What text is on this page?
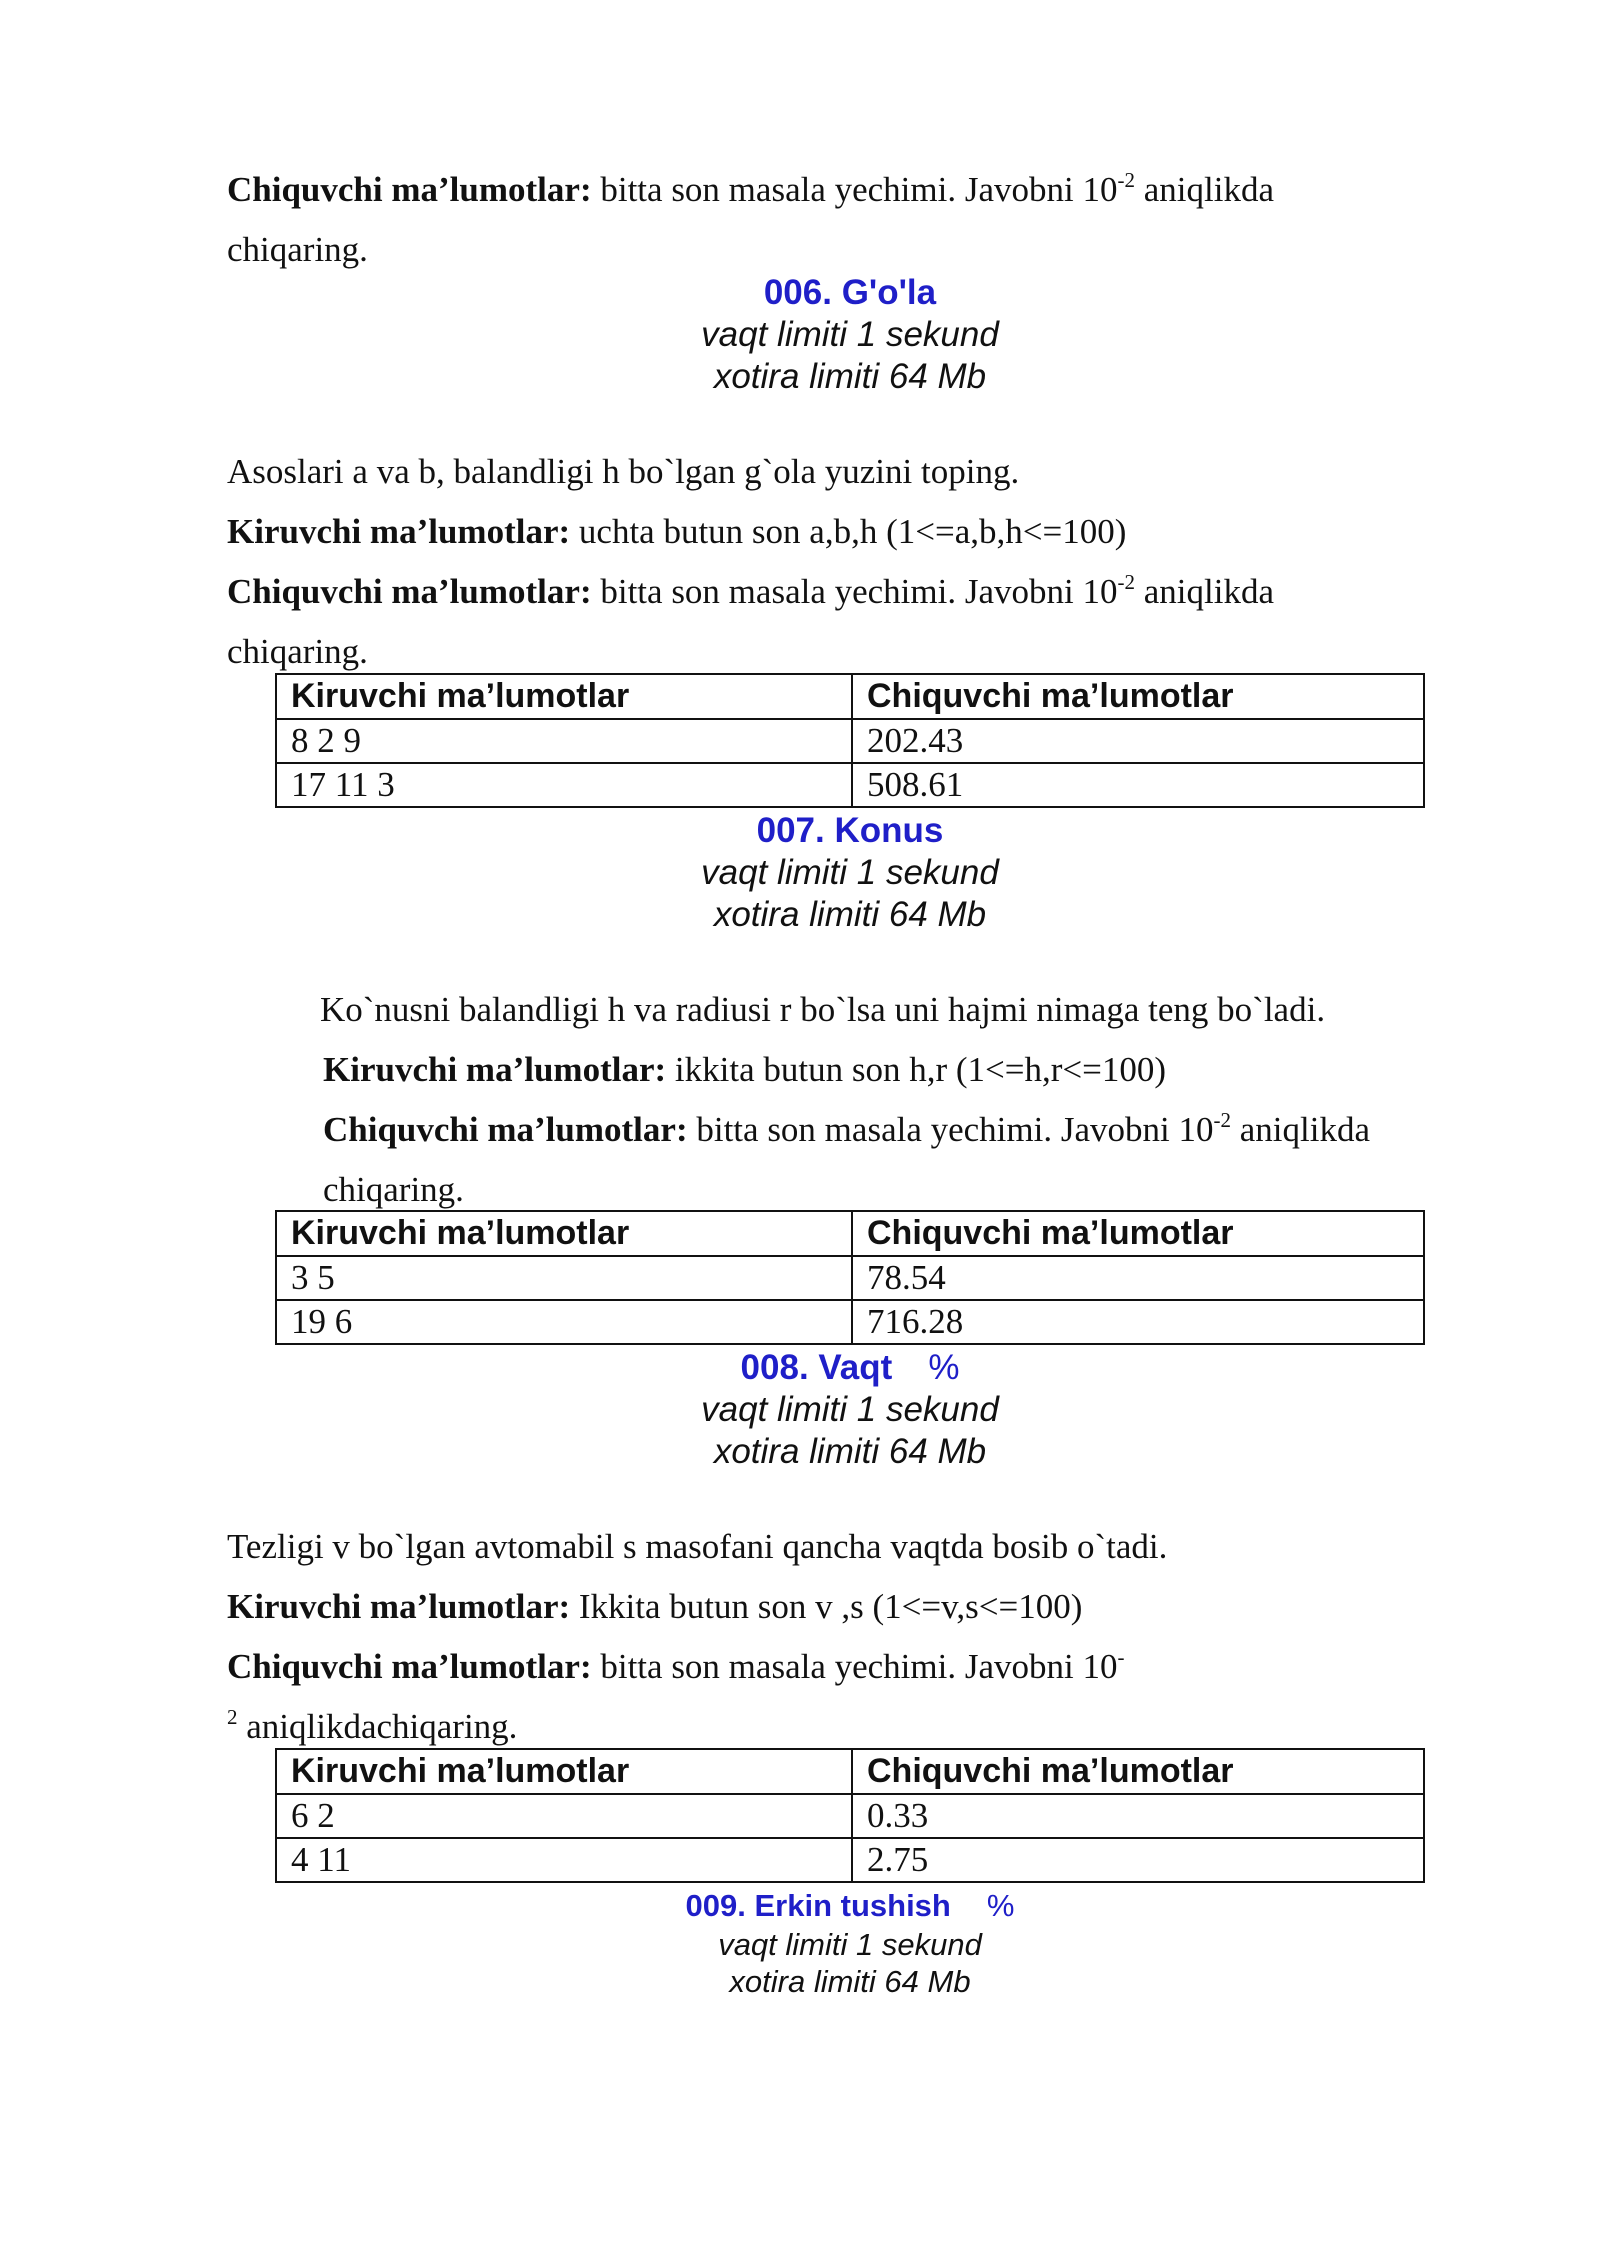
Chiquvchi ma’lumotlar: bitta son masala yechimi. Javobni $10^{-2}$ aniqlikda
chiqaring.
006. G'o'la
vaqt limiti 1 sekund
xotira limiti 64 Mb
Asoslari a va b, balandligi h bo`lgan g`ola yuzini toping.
Kiruvchi ma’lumotlar: uchta butun son a,b,h (1<=a,b,h<=100)
Chiquvchi ma’lumotlar: bitta son masala yechimi. Javobni $10^{-2}$ aniqlikda
chiqaring.
Kiruvchi ma’lumotlar	Chiquvchi ma’lumotlar
8 2 9	202.43
17 11 3	508.61
007. Konus
vaqt limiti 1 sekund
xotira limiti 64 Mb
Ko`nusni balandligi h va radiusi r bo`lsa uni hajmi nimaga teng bo`ladi.
Kiruvchi ma’lumotlar: ikkita butun son h,r (1<=h,r<=100)
Chiquvchi ma’lumotlar: bitta son masala yechimi. Javobni $10^{-2}$ aniqlikda
chiqaring.
Kiruvchi ma’lumotlar	Chiquvchi ma’lumotlar
3 5	78.54
19 6	716.28
008. Vaqt %
vaqt limiti 1 sekund
xotira limiti 64 Mb
Tezligi v bo`lgan avtomabil s masofani qancha vaqtda bosib o`tadi.
Kiruvchi ma’lumotlar: Ikkita butun son v ,s (1<=v,s<=100)
Chiquvchi ma’lumotlar: bitta son masala yechimi. Javobni 10-
$^2$ aniqlikdachiqaring.
Kiruvchi ma’lumotlar	Chiquvchi ma’lumotlar
6 2	0.33
4 11	2.75
009. Erkin tushish %
vaqt limiti 1 sekund
xotira limiti 64 Mb
